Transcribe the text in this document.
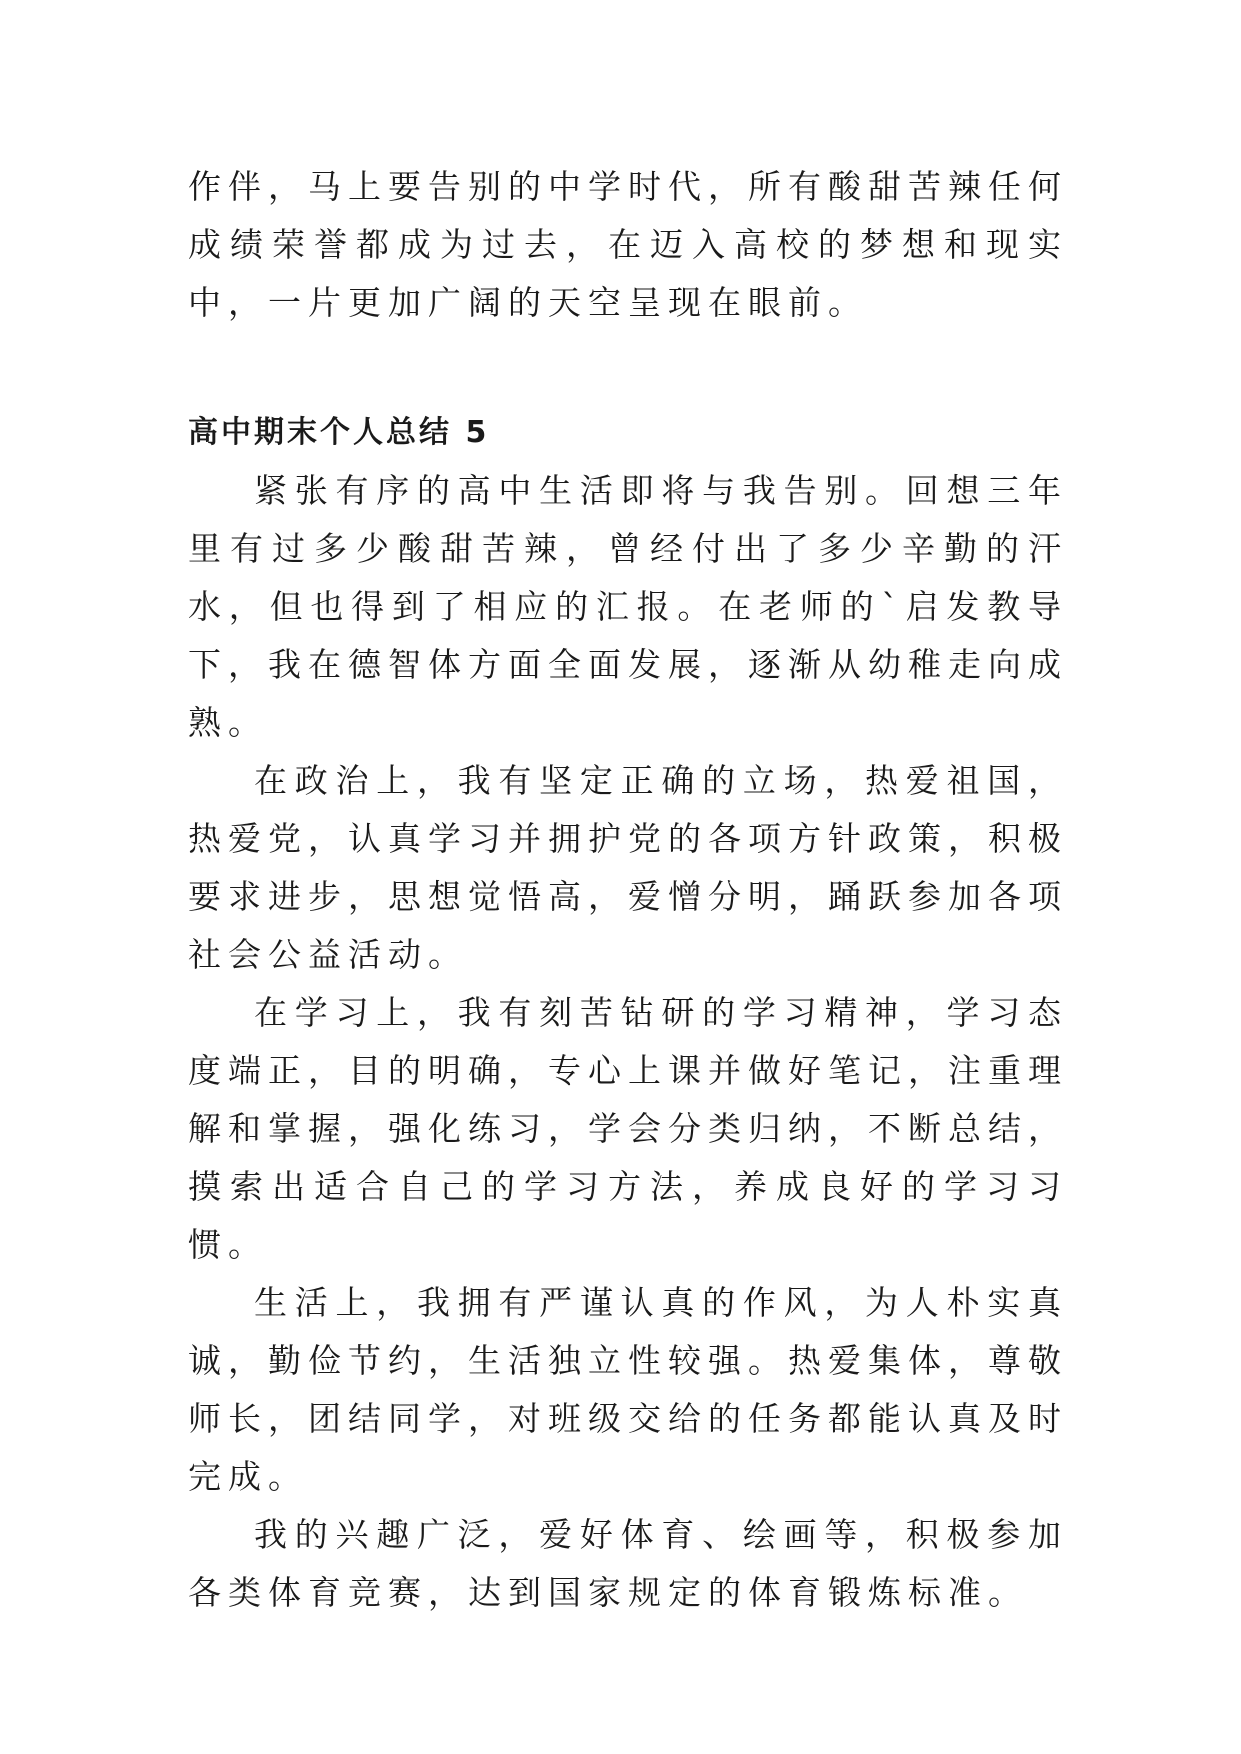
作伴，马上要告别的中学时代，所有酸甜苦辣任何成绩荣誉都成为过去，在迈入高校的梦想和现实中，一片更加广阔的天空呈现在眼前。

高中期末个人总结 5

紧张有序的高中生活即将与我告别。回想三年里有过多少酸甜苦辣，曾经付出了多少辛勤的汗水，但也得到了相应的汇报。在老师的`启发教导下，我在德智体方面全面发展，逐渐从幼稚走向成熟。

在政治上，我有坚定正确的立场，热爱祖国，热爱党，认真学习并拥护党的各项方针政策，积极要求进步，思想觉悟高，爱憎分明，踊跃参加各项社会公益活动。

在学习上，我有刻苦钻研的学习精神，学习态度端正，目的明确，专心上课并做好笔记，注重理解和掌握，强化练习，学会分类归纳，不断总结，摸索出适合自己的学习方法，养成良好的学习习惯。

生活上，我拥有严谨认真的作风，为人朴实真诚，勤俭节约，生活独立性较强。热爱集体，尊敬师长，团结同学，对班级交给的任务都能认真及时完成。

我的兴趣广泛，爱好体育、绘画等，积极参加各类体育竞赛，达到国家规定的体育锻炼标准。
